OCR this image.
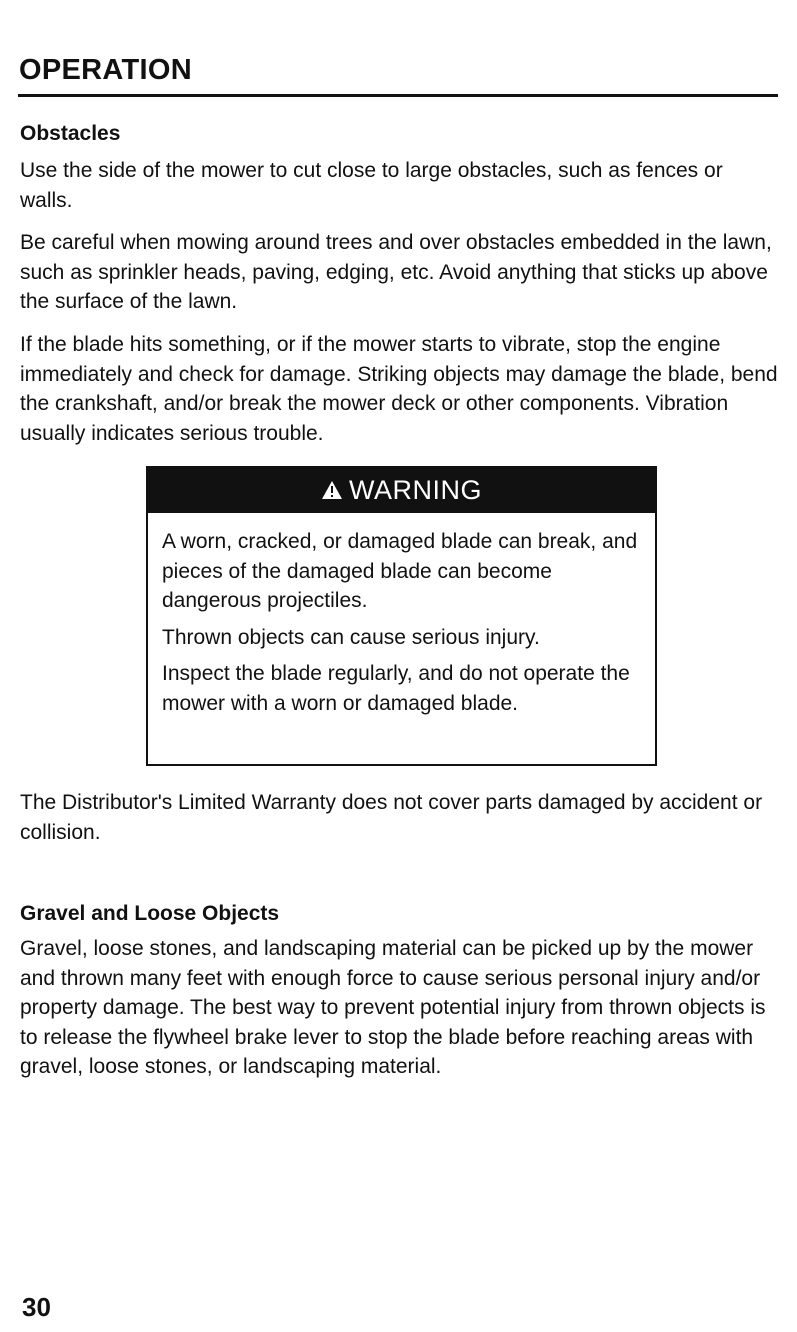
OPERATION
Obstacles

Use the side of the mower to cut close to large obstacles, such as fences or walls.

Be careful when mowing around trees and over obstacles embedded in the lawn, such as sprinkler heads, paving, edging, etc. Avoid anything that sticks up above the surface of the lawn.

If the blade hits something, or if the mower starts to vibrate, stop the engine immediately and check for damage. Striking objects may damage the blade, bend the crankshaft, and/or break the mower deck or other components. Vibration usually indicates serious trouble.

WARNING

A worn, cracked, or damaged blade can break, and pieces of the damaged blade can become dangerous projectiles.

Thrown objects can cause serious injury.

Inspect the blade regularly, and do not operate the mower with a worn or damaged blade.

The Distributor's Limited Warranty does not cover parts damaged by accident or collision.

Gravel and Loose Objects

Gravel, loose stones, and landscaping material can be picked up by the mower and thrown many feet with enough force to cause serious personal injury and/or property damage. The best way to prevent potential injury from thrown objects is to release the flywheel brake lever to stop the blade before reaching areas with gravel, loose stones, or landscaping material.

30
